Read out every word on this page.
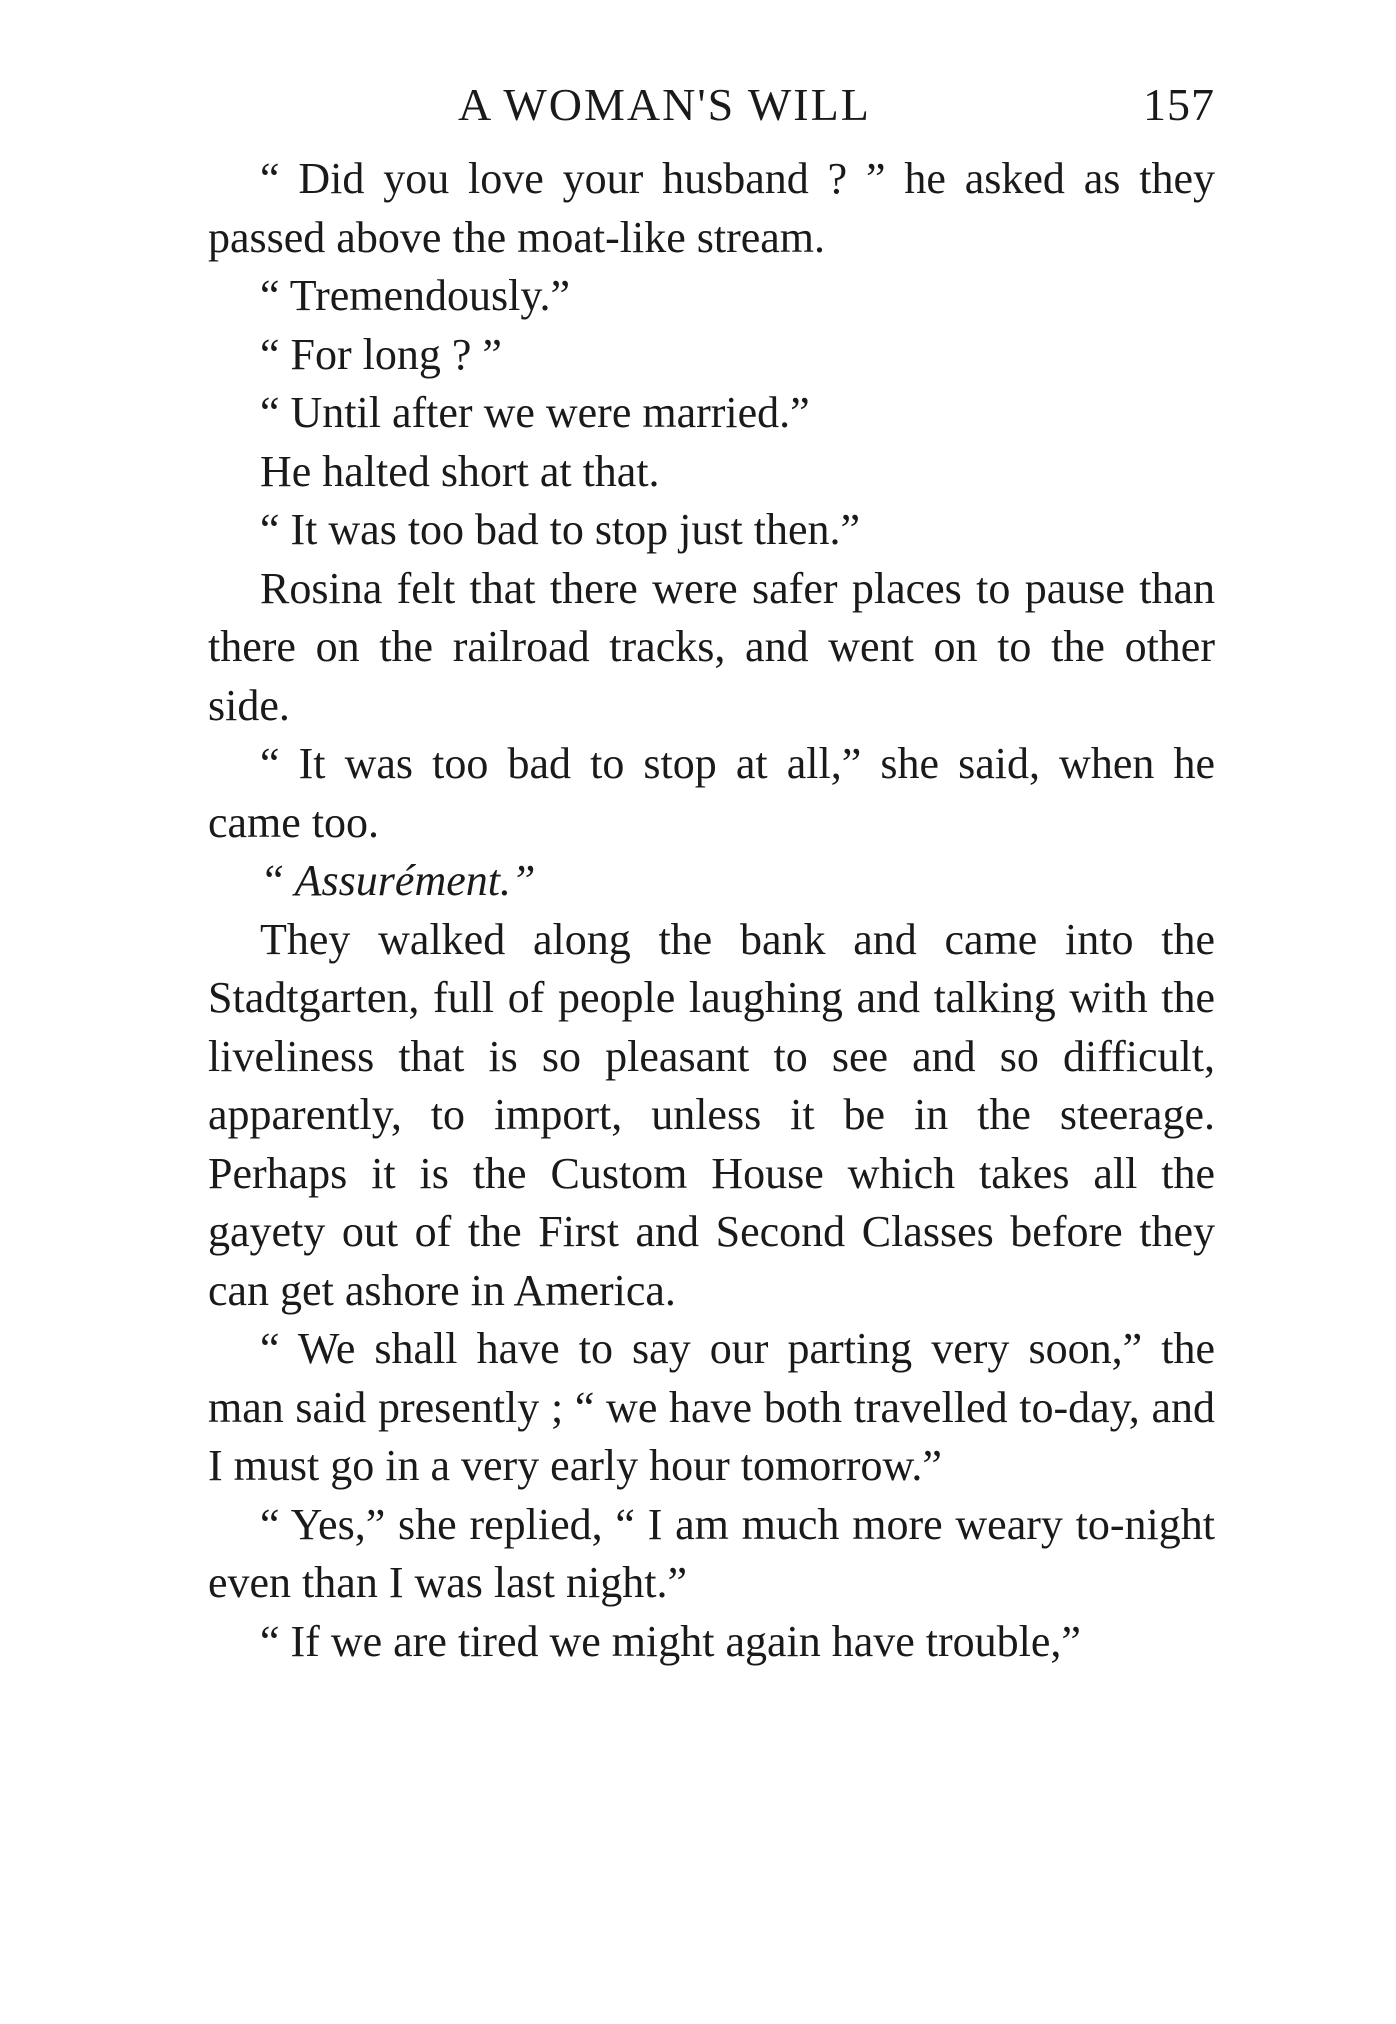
A WOMAN'S WILL	157

“ Did you love your husband ? ” he asked as they passed above the moat-like stream.

“ Tremendously.”

“ For long ? ”

“ Until after we were married.”

He halted short at that.

“ It was too bad to stop just then.”

Rosina felt that there were safer places to pause than there on the railroad tracks, and went on to the other side.

“ It was too bad to stop at all,” she said, when he came too.

“ Assurément.”

They walked along the bank and came into the Stadtgarten, full of people laughing and talking with the liveliness that is so pleasant to see and so difficult, apparently, to import, unless it be in the steerage. Perhaps it is the Custom House which takes all the gayety out of the First and Second Classes before they can get ashore in America.

“ We shall have to say our parting very soon,” the man said presently ; “ we have both travelled to-day, and I must go in a very early hour tomorrow.”

“ Yes,” she replied, “ I am much more weary to-night even than I was last night.”

“ If we are tired we might again have trouble,”
